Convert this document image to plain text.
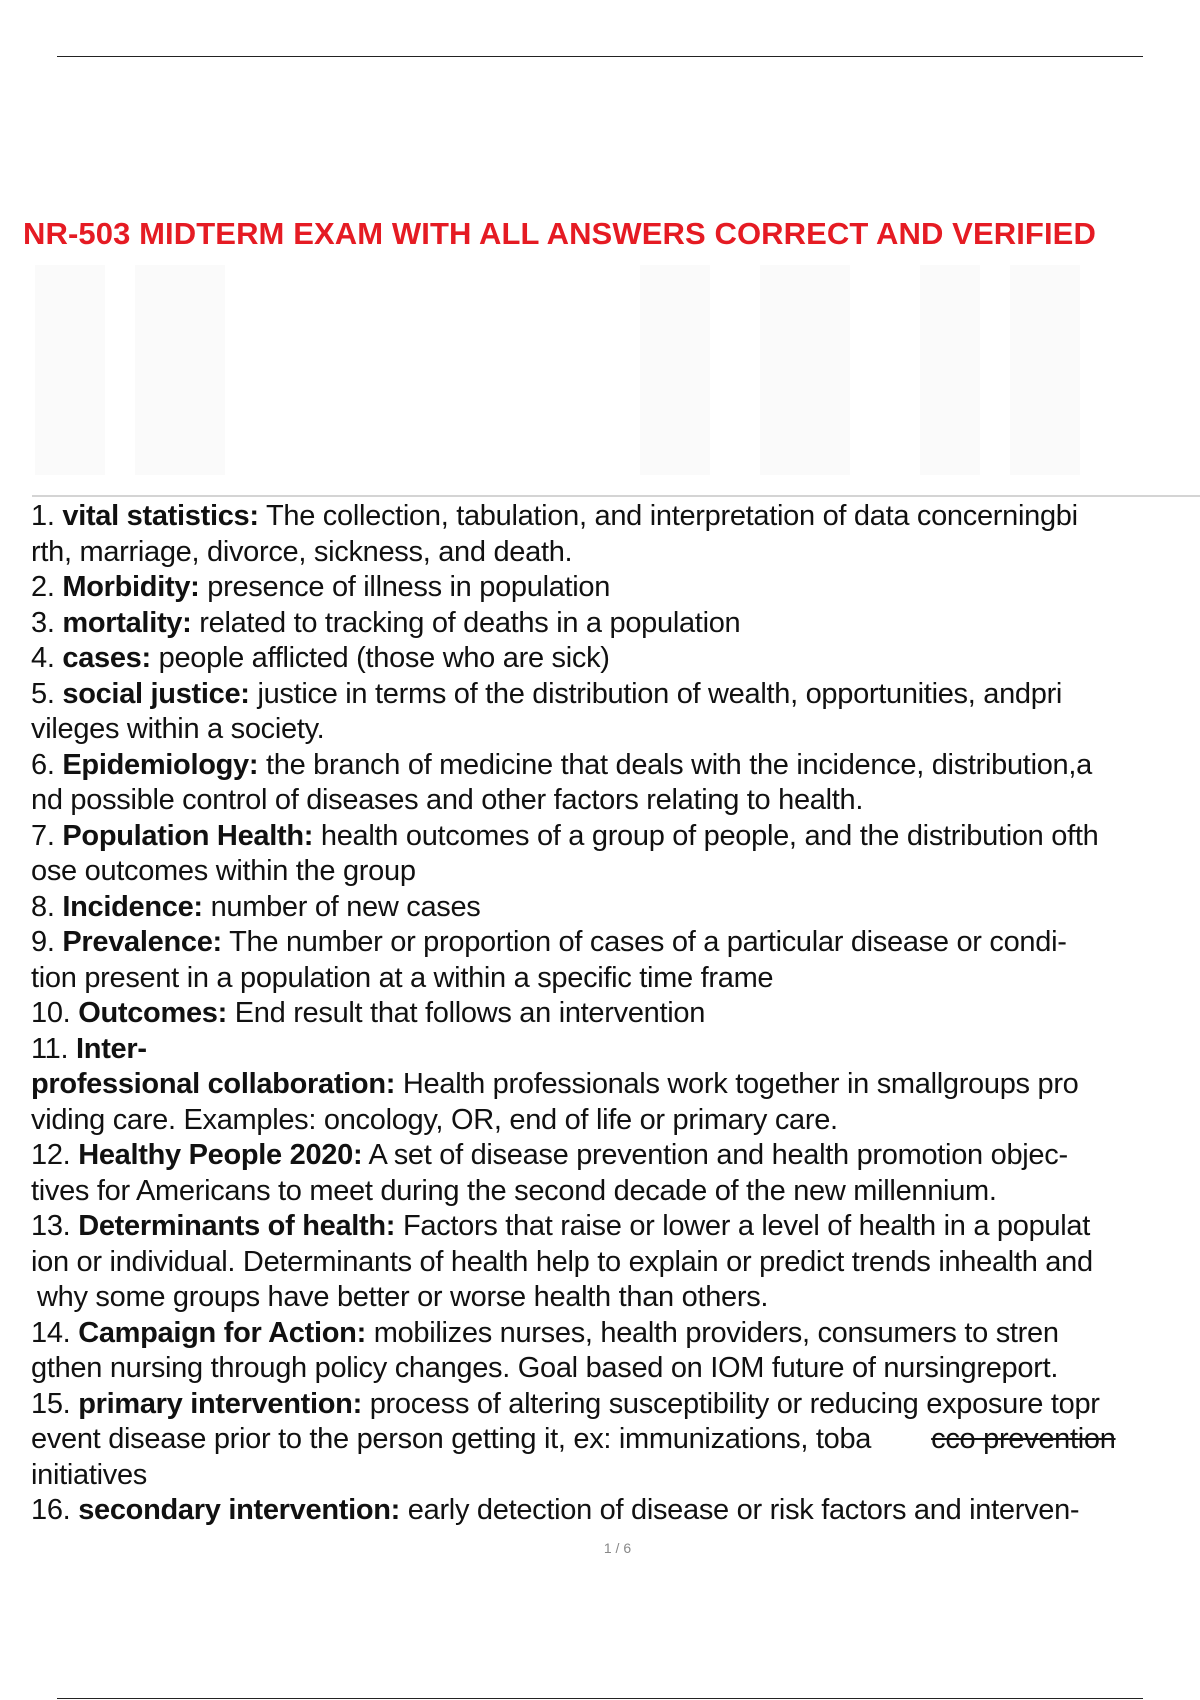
NR-503 MIDTERM EXAM WITH ALL ANSWERS CORRECT AND VERIFIED
1. vital statistics: The collection, tabulation, and interpretation of data concerningbi
rth, marriage, divorce, sickness, and death.
2. Morbidity: presence of illness in population
3. mortality: related to tracking of deaths in a population
4. cases: people afflicted (those who are sick)
5. social justice: justice in terms of the distribution of wealth, opportunities, andpri
vileges within a society.
6. Epidemiology: the branch of medicine that deals with the incidence, distribution,a
nd possible control of diseases and other factors relating to health.
7. Population Health: health outcomes of a group of people, and the distribution ofth
ose outcomes within the group
8. Incidence: number of new cases
9. Prevalence: The number or proportion of cases of a particular disease or condi-
tion present in a population at a within a specific time frame
10. Outcomes: End result that follows an intervention
11. Inter-
professional collaboration: Health professionals work together in smallgroups pro
viding care. Examples: oncology, OR, end of life or primary care.
12. Healthy People 2020: A set of disease prevention and health promotion objec-
tives for Americans to meet during the second decade of the new millennium.
13. Determinants of health: Factors that raise or lower a level of health in a populat
ion or individual. Determinants of health help to explain or predict trends inhealth and
why some groups have better or worse health than others.
14. Campaign for Action: mobilizes nurses, health providers, consumers to stren
gthen nursing through policy changes. Goal based on IOM future of nursingreport.
15. primary intervention: process of altering susceptibility or reducing exposure topr
event disease prior to the person getting it, ex: immunizations, toba cco prevention
initiatives
16. secondary intervention: early detection of disease or risk factors and interven-
1 / 6
